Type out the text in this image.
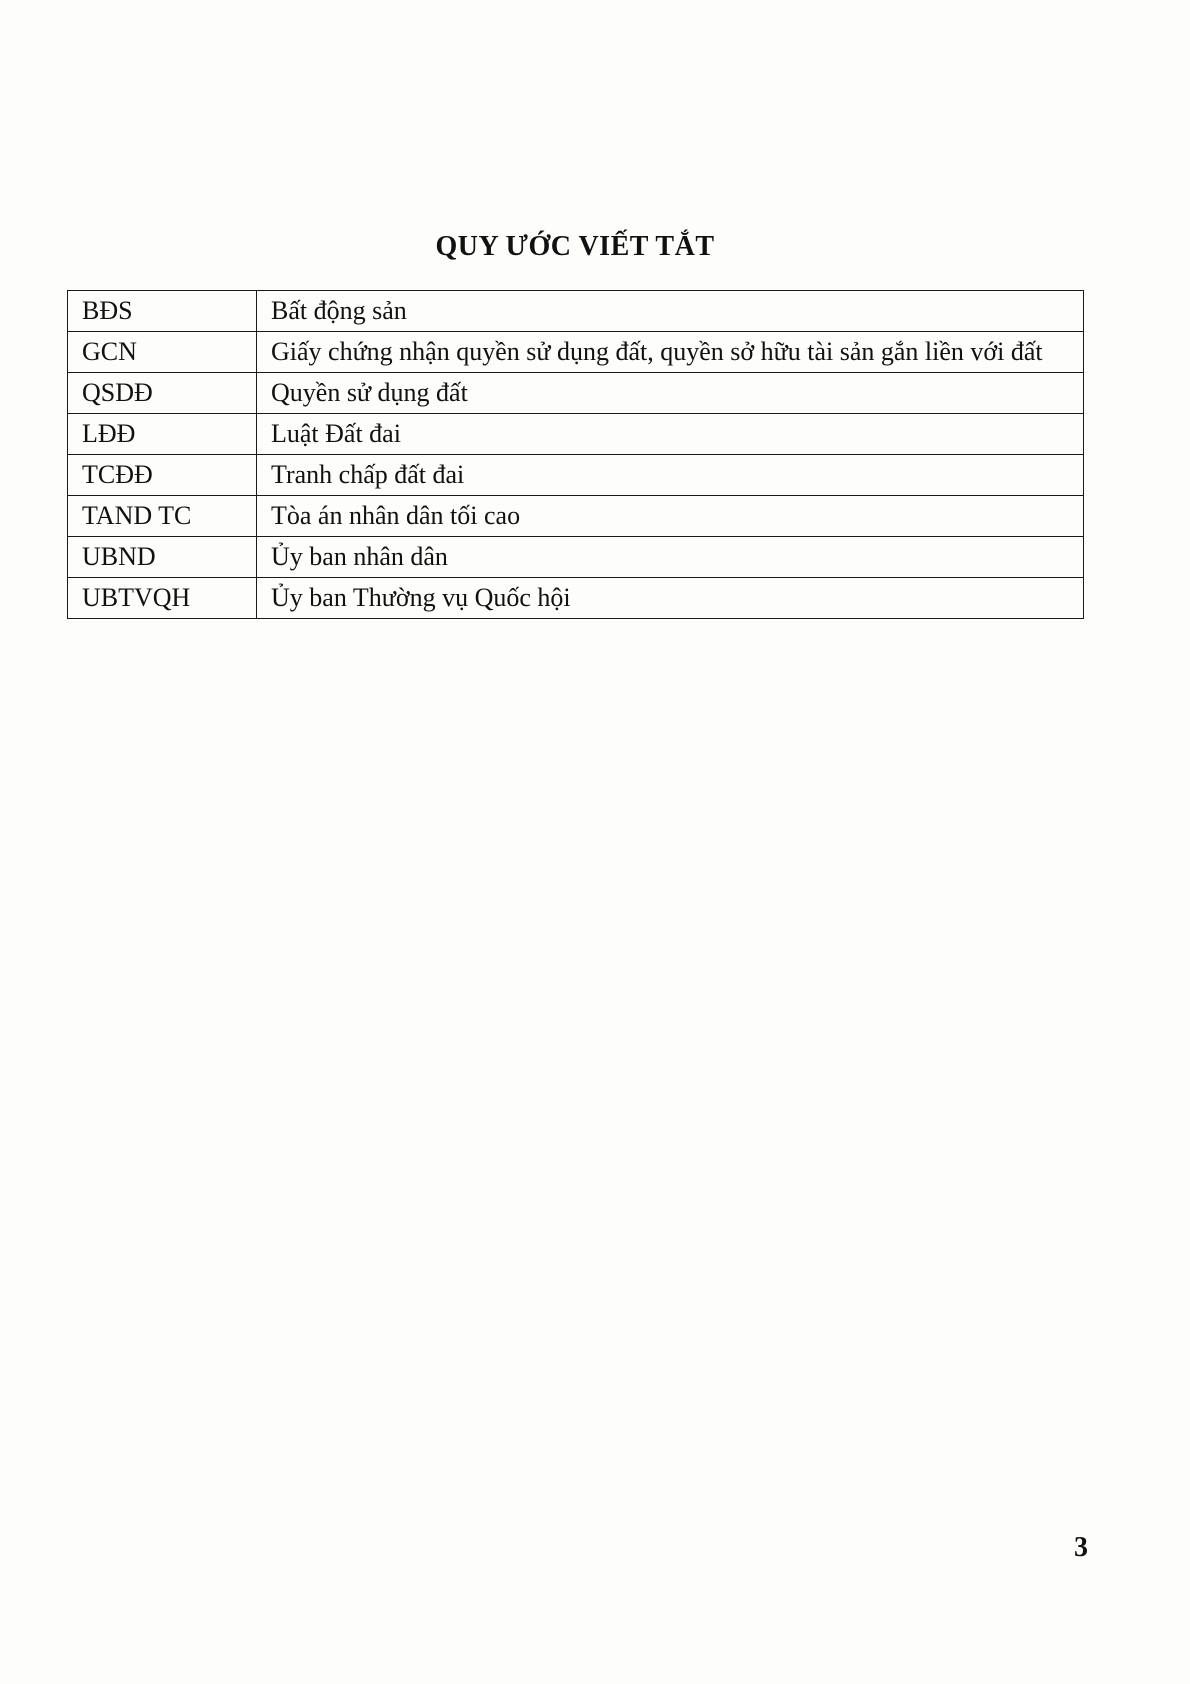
QUY ƯỚC VIẾT TẮT
BĐS	Bất động sản
GCN	Giấy chứng nhận quyền sử dụng đất, quyền sở hữu tài sản gắn liền với đất
QSDĐ	Quyền sử dụng đất
LĐĐ	Luật Đất đai
TCĐĐ	Tranh chấp đất đai
TAND TC	Tòa án nhân dân tối cao
UBND	Ủy ban nhân dân
UBTVQH	Ủy ban Thường vụ Quốc hội
3
